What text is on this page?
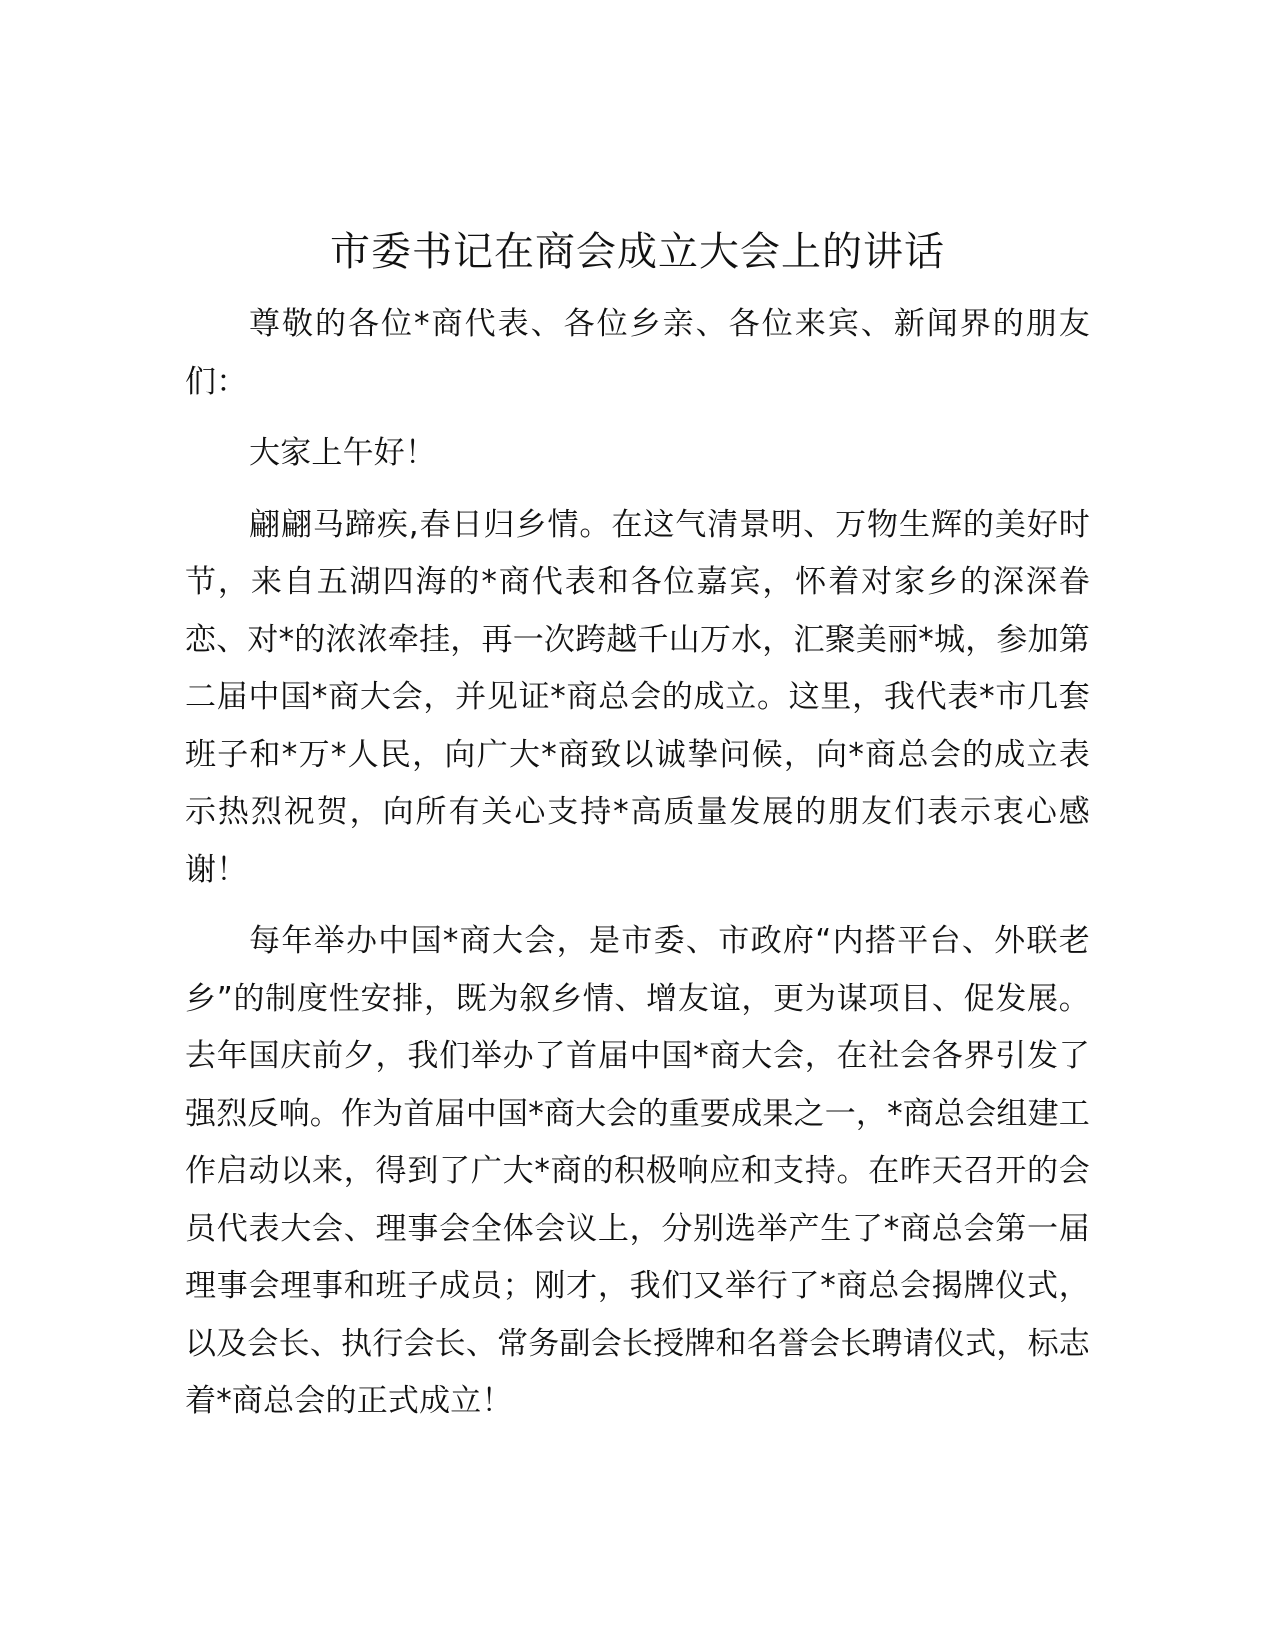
市委书记在商会成立大会上的讲话

尊敬的各位*商代表、各位乡亲、各位来宾、新闻界的朋友们：

大家上午好！

翩翩马蹄疾,春日归乡情。在这气清景明、万物生辉的美好时节，来自五湖四海的*商代表和各位嘉宾，怀着对家乡的深深眷恋、对*的浓浓牵挂，再一次跨越千山万水，汇聚美丽*城，参加第二届中国*商大会，并见证*商总会的成立。这里，我代表*市几套班子和*万*人民，向广大*商致以诚挚问候，向*商总会的成立表示热烈祝贺，向所有关心支持*高质量发展的朋友们表示衷心感谢！

每年举办中国*商大会，是市委、市政府“内搭平台、外联老乡”的制度性安排，既为叙乡情、增友谊，更为谋项目、促发展。去年国庆前夕，我们举办了首届中国*商大会，在社会各界引发了强烈反响。作为首届中国*商大会的重要成果之一，*商总会组建工作启动以来，得到了广大*商的积极响应和支持。在昨天召开的会员代表大会、理事会全体会议上，分别选举产生了*商总会第一届理事会理事和班子成员；刚才，我们又举行了*商总会揭牌仪式，以及会长、执行会长、常务副会长授牌和名誉会长聘请仪式，标志着*商总会的正式成立！
